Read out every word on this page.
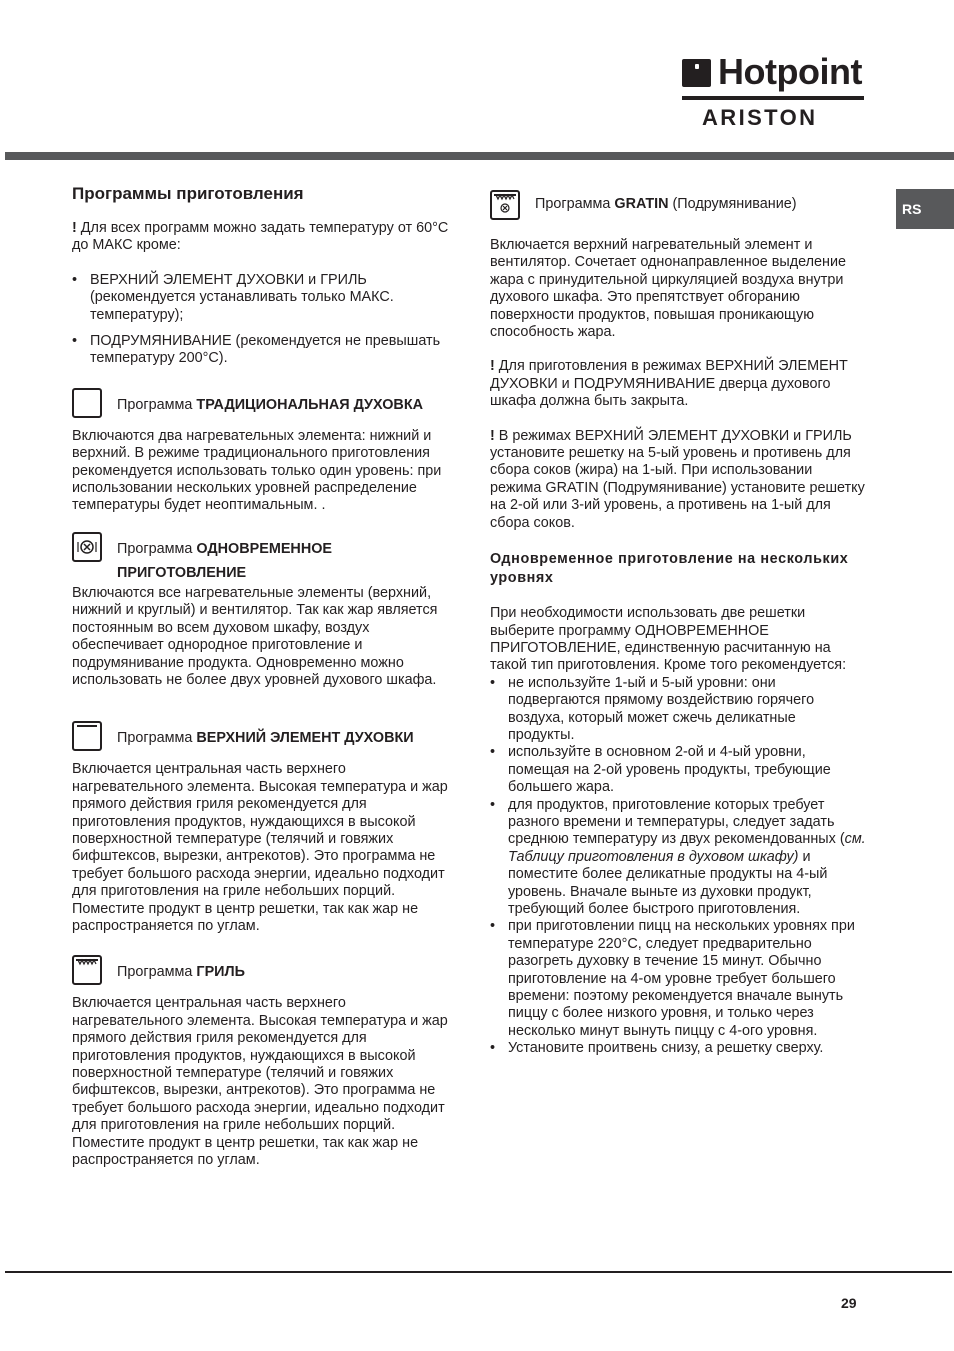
Hotpoint
ARISTON
RS
Программы приготовления

! Для всех программ можно задать температуру от 60°С до МАКС кроме:

• ВЕРХНИЙ ЭЛЕМЕНТ ДУХОВКИ и ГРИЛЬ (рекомендуется устанавливать только МАКС. температуру);

• ПОДРУМЯНИВАНИЕ (рекомендуется не превышать температуру 200°С).

Программа ТРАДИЦИОНАЛЬНАЯ ДУХОВКА

Включаются два нагревательных элемента: нижний и верхний. В режиме традиционального приготовления рекомендуется использовать только один уровень: при использовании нескольких уровней распределение температуры будет неоптимальным. .

Программа ОДНОВРЕМЕННОЕ ПРИГОТОВЛЕНИЕ

Включаются все нагревательные элементы (верхний, нижний и круглый) и вентилятор. Так как жар является постоянным во всем духовом шкафу, воздух обеспечивает однородное приготовление и подрумянивание продукта. Одновременно можно использовать не более двух уровней духового шкафа.

Программа ВЕРХНИЙ ЭЛЕМЕНТ ДУХОВКИ

Включается центральная часть верхнего нагревательного элемента. Высокая температура и жар прямого действия гриля рекомендуется для приготовления продуктов, нуждающихся в высокой поверхностной температуре (телячий и говяжих бифштексов, вырезки, антрекотов). Это программа не требует большого расхода энергии, идеально подходит для приготовления на гриле небольших порций. Поместите продукт в центр решетки, так как жар не распространяется по углам.

Программа ГРИЛЬ

Включается центральная часть верхнего нагревательного элемента. Высокая температура и жар прямого действия гриля рекомендуется для приготовления продуктов, нуждающихся в высокой поверхностной температуре (телячий и говяжих бифштексов, вырезки, антрекотов). Это программа не требует большого расхода энергии, идеально подходит для приготовления на гриле небольших порций. Поместите продукт в центр решетки, так как жар не распространяется по углам.

Программа GRATIN (Подрумянивание)

Включается верхний нагревательный элемент и вентилятор. Сочетает однонаправленное выделение жара с принудительной циркуляцией воздуха внутри духового шкафа. Это препятствует обгоранию поверхности продуктов, повышая проникающую способность жара.

! Для приготовления в режимах ВЕРХНИЙ ЭЛЕМЕНТ ДУХОВКИ и ПОДРУМЯНИВАНИЕ дверца духового шкафа должна быть закрыта.

! В режимах ВЕРХНИЙ ЭЛЕМЕНТ ДУХОВКИ и ГРИЛЬ установите решетку на 5-ый уровень и противень для сбора соков (жира) на 1-ый. При использовании режима GRATIN (Подрумянивание) установите решетку на 2-ой или 3-ий уровень, а противень на 1-ый для сбора соков.

Одновременное приготовление на нескольких уровнях

При необходимости использовать две решетки выберите программу ОДНОВРЕМЕННОЕ ПРИГОТОВЛЕНИЕ, единственную расчитанную на такой тип приготовления. Кроме того рекомендуется:

• не используйте 1-ый и 5-ый уровни: они подвергаются прямому воздействию горячего воздуха, который может сжечь деликатные продукты.

• используйте в основном 2-ой и 4-ый уровни, помещая на 2-ой уровень продукты, требующие большего жара.

• для продуктов, приготовление которых требует разного времени и температуры, следует задать среднюю температуру из двух рекомендованных (см. Таблицу приготовления в духовом шкафу) и поместите более деликатные продукты на 4-ый уровень. Вначале выньте из духовки продукт, требующий более быстрого приготовления.

• при приготовлении пицц на нескольких уровнях при температуре 220°С, следует предварительно разогреть духовку в течение 15 минут. Обычно приготовление на 4-ом уровне требует большего времени: поэтому рекомендуется вначале вынуть пиццу с более низкого уровня, и только через несколько минут вынуть пиццу с 4-ого уровня.

• Установите проитвень снизу, а решетку сверху.

29
